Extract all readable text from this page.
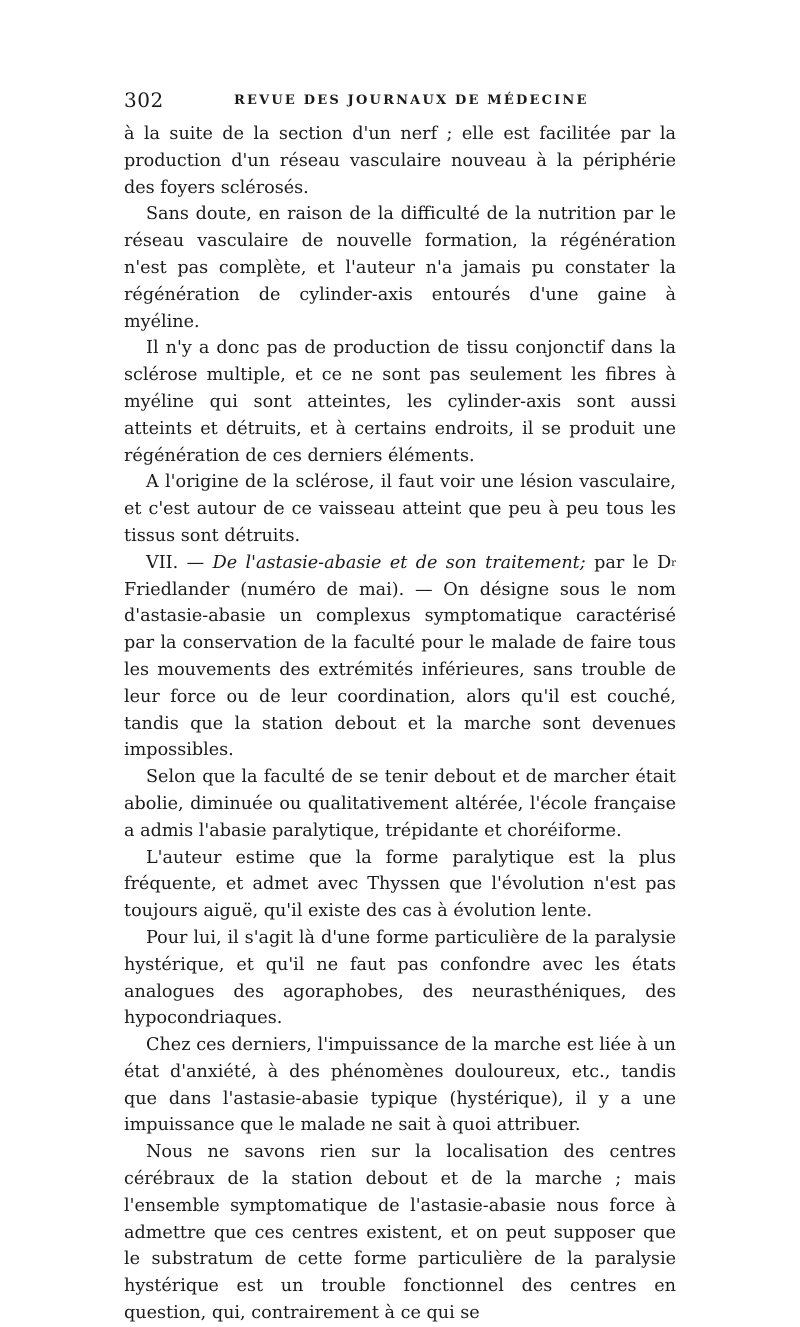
302	REVUE DES JOURNAUX DE MÉDECINE

à la suite de la section d'un nerf ; elle est facilitée par la production d'un réseau vasculaire nouveau à la périphérie des foyers sclérosés.

Sans doute, en raison de la difficulté de la nutrition par le réseau vasculaire de nouvelle formation, la régénération n'est pas complète, et l'auteur n'a jamais pu constater la régénération de cylinder-axis entourés d'une gaine à myéline.

Il n'y a donc pas de production de tissu conjonctif dans la sclérose multiple, et ce ne sont pas seulement les fibres à myéline qui sont atteintes, les cylinder-axis sont aussi atteints et détruits, et à certains endroits, il se produit une régénération de ces derniers éléments.

A l'origine de la sclérose, il faut voir une lésion vasculaire, et c'est autour de ce vaisseau atteint que peu à peu tous les tissus sont détruits.

VII. — De l'astasie-abasie et de son traitement; par le $D^r$ Friedlander (numéro de mai). — On désigne sous le nom d'astasie-abasie un complexus symptomatique caractérisé par la conservation de la faculté pour le malade de faire tous les mouvements des extrémités inférieures, sans trouble de leur force ou de leur coordination, alors qu'il est couché, tandis que la station debout et la marche sont devenues impossibles.

Selon que la faculté de se tenir debout et de marcher était abolie, diminuée ou qualitativement altérée, l'école française a admis l'abasie paralytique, trépidante et choréiforme.

L'auteur estime que la forme paralytique est la plus fréquente, et admet avec Thyssen que l'évolution n'est pas toujours aiguë, qu'il existe des cas à évolution lente.

Pour lui, il s'agit là d'une forme particulière de la paralysie hystérique, et qu'il ne faut pas confondre avec les états analogues des agoraphobes, des neurasthéniques, des hypocondriaques.

Chez ces derniers, l'impuissance de la marche est liée à un état d'anxiété, à des phénomènes douloureux, etc., tandis que dans l'astasie-abasie typique (hystérique), il y a une impuissance que le malade ne sait à quoi attribuer.

Nous ne savons rien sur la localisation des centres cérébraux de la station debout et de la marche ; mais l'ensemble symptomatique de l'astasie-abasie nous force à admettre que ces centres existent, et on peut supposer que le substratum de cette forme particulière de la paralysie hystérique est un trouble fonctionnel des centres en question, qui, contrairement à ce qui se
